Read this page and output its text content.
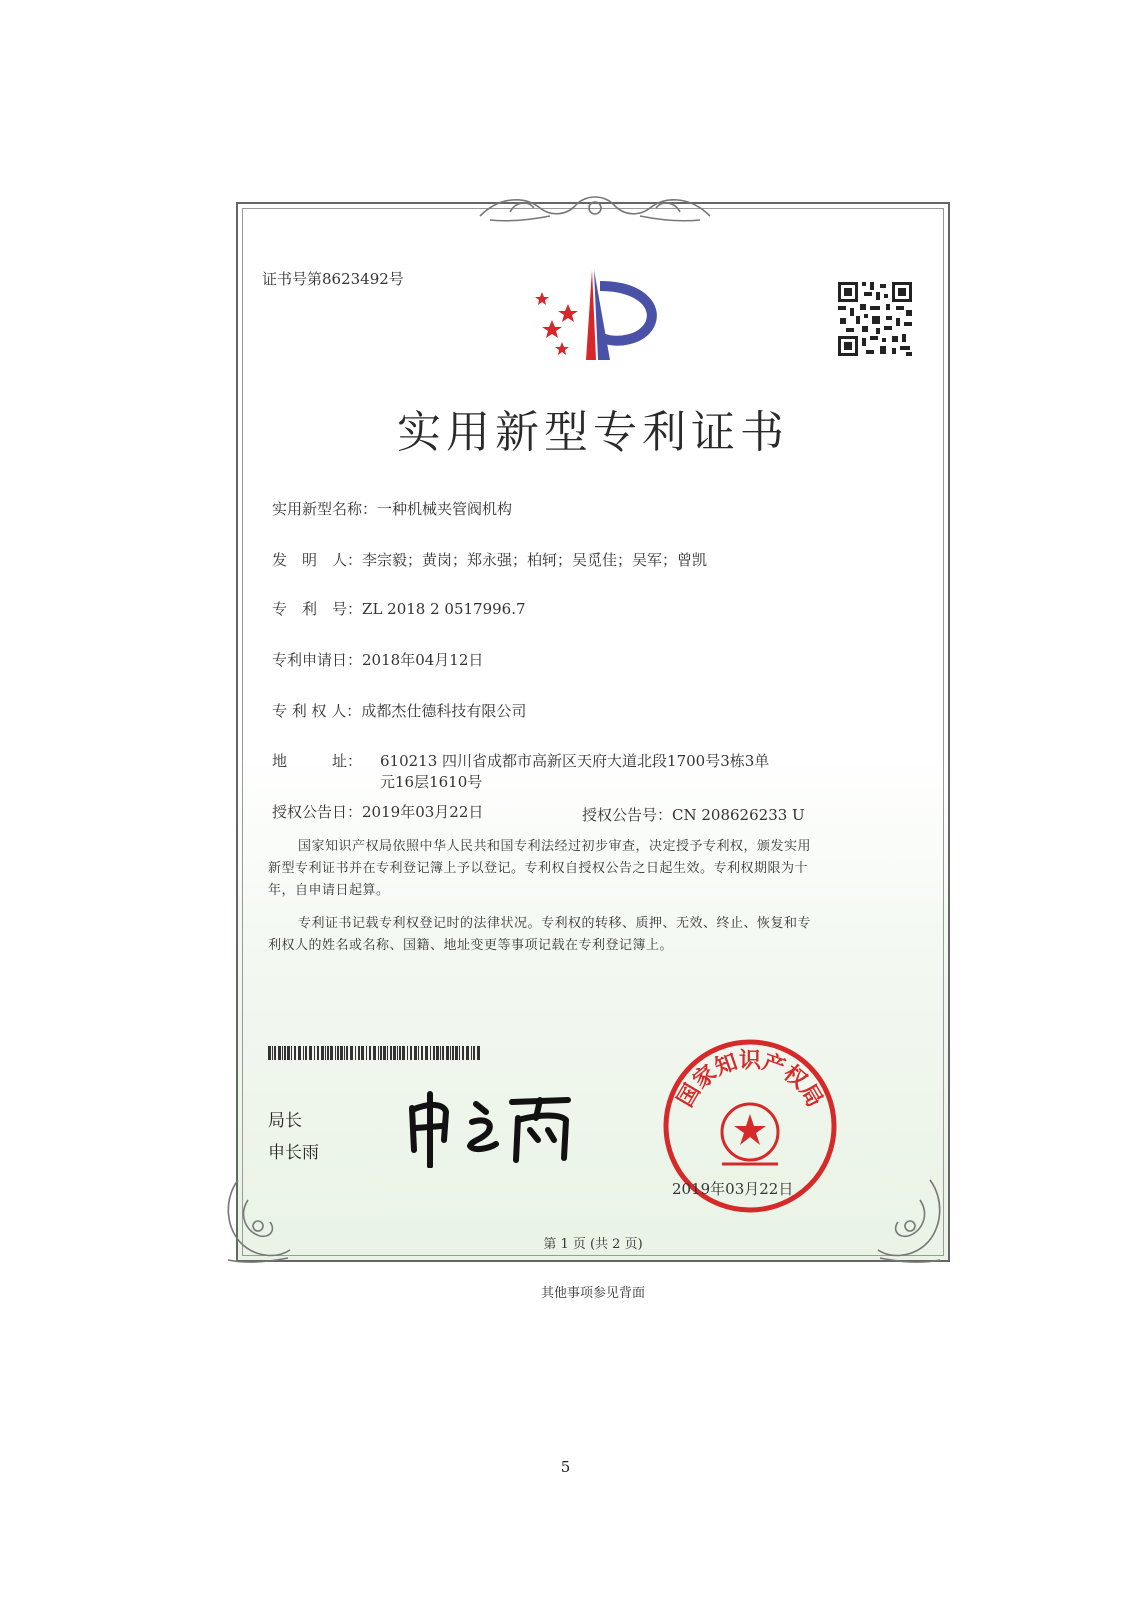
证书号第8623492号
实用新型专利证书
实用新型名称：一种机械夹管阀机构
发　明　人：李宗毅；黄岗；郑永强；柏轲；吴觅佳；吴军；曾凯
专　利　号：ZL 2018 2 0517996.7
专利申请日：2018年04月12日
专 利 权 人：成都杰仕德科技有限公司
地　　　址： 610213 四川省成都市高新区天府大道北段1700号3栋3单
元16层1610号
授权公告日：2019年03月22日	授权公告号：CN 208626233 U
国家知识产权局依照中华人民共和国专利法经过初步审查，决定授予专利权，颁发实用
新型专利证书并在专利登记簿上予以登记。专利权自授权公告之日起生效。专利权期限为十
年，自申请日起算。
专利证书记载专利权登记时的法律状况。专利权的转移、质押、无效、终止、恢复和专
利权人的姓名或名称、国籍、地址变更等事项记载在专利登记簿上。
局长
申长雨
国家知识产权局
2019年03月22日
第 1 页 (共 2 页)
其他事项参见背面
5
